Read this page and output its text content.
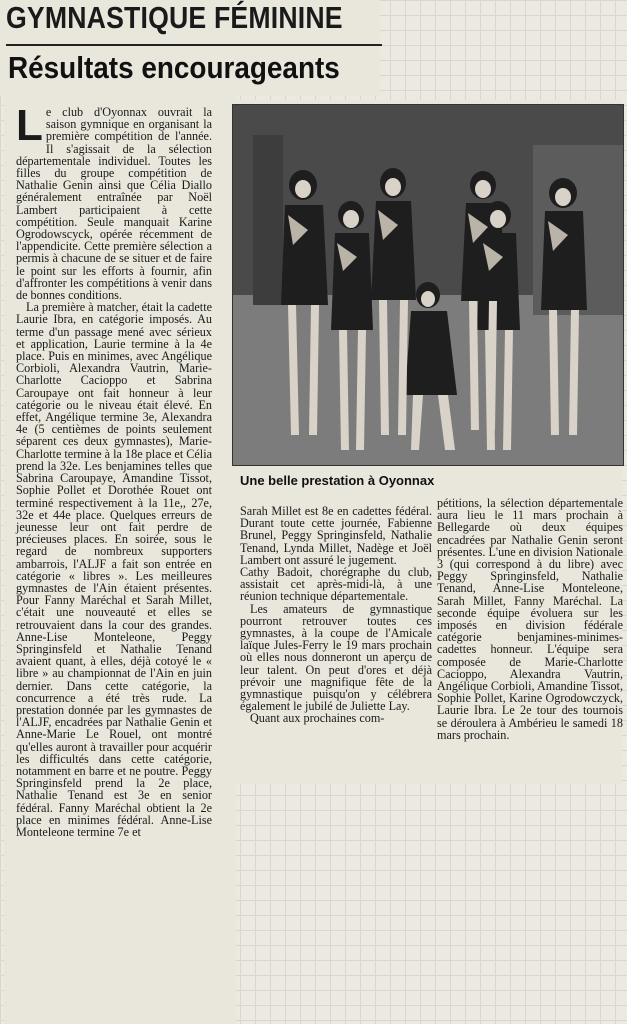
GYMNASTIQUE FÉMININE
Résultats encourageants
Une belle prestation à Oyonnax

Le club d'Oyonnax ouvrait la saison gymnique en organisant la première compétition de l'année. Il s'agissait de la sélection départementale individuel. Toutes les filles du groupe compétition de Nathalie Genin ainsi que Célia Diallo généralement entraînée par Noël Lambert participaient à cette compétition. Seule manquait Karine Ogrodowscyck, opérée récemment de l'appendicite. Cette première sélection a permis à chacune de se situer et de faire le point sur les efforts à fournir, afin d'affronter les compétitions à venir dans de bonnes conditions.

La première à matcher, était la cadette Laurie Ibra, en catégorie imposés. Au terme d'un passage mené avec sérieux et application, Laurie termine à la 4e place. Puis en minimes, avec Angélique Corbioli, Alexandra Vautrin, Marie-Charlotte Cacioppo et Sabrina Caroupaye ont fait honneur à leur catégorie ou le niveau était élevé. En effet, Angélique termine 3e, Alexandra 4e (5 centièmes de points seulement séparent ces deux gymnastes), Marie-Charlotte termine à la 18e place et Célia prend la 32e. Les benjamines telles que Sabrina Caroupaye, Amandine Tissot, Sophie Pollet et Dorothée Rouet ont terminé respectivement à la 11e,, 27e, 32e et 44e place. Quelques erreurs de jeunesse leur ont fait perdre de précieuses places. En soirée, sous le regard de nombreux supporters ambarrois, l'ALJF a fait son entrée en catégorie « libres ». Les meilleures gymnastes de l'Ain étaient présentes. Pour Fanny Maréchal et Sarah Millet, c'était une nouveauté et elles se retrouvaient dans la cour des grandes. Anne-Lise Monteleone, Peggy Springinsfeld et Nathalie Tenand avaient quant, à elles, déjà cotoyé le « libre » au championnat de l'Ain en juin dernier. Dans cette catégorie, la concurrence a été très rude. La prestation donnée par les gymnastes de l'ALJF, encadrées par Nathalie Genin et Anne-Marie Le Rouel, ont montré qu'elles auront à travailler pour acquérir les difficultés dans cette catégorie, notamment en barre et ne poutre. Peggy Springinsfeld prend la 2e place, Nathalie Tenand est 3e en senior fédéral. Fanny Maréchal obtient la 2e place en minimes fédéral. Anne-Lise Monteleone termine 7e et

Sarah Millet est 8e en cadettes fédéral. Durant toute cette journée, Fabienne Brunel, Peggy Springinsfeld, Nathalie Tenand, Lynda Millet, Nadège et Joël Lambert ont assuré le jugement.

Cathy Badoit, chorégraphe du club, assistait cet après-midi-là, à une réunion technique départementale.

Les amateurs de gymnastique pourront retrouver toutes ces gymnastes, à la coupe de l'Amicale laïque Jules-Ferry le 19 mars prochain où elles nous donneront un aperçu de leur talent. On peut d'ores et déjà prévoir une magnifique fête de la gymnastique puisqu'on y célébrera également le jubilé de Juliette Lay.

Quant aux prochaines com-

pétitions, la sélection départementale aura lieu le 11 mars prochain à Bellegarde où deux équipes encadrées par Nathalie Genin seront présentes. L'une en division Nationale 3 (qui correspond à du libre) avec Peggy Springinsfeld, Nathalie Tenand, Anne-Lise Monteleone, Sarah Millet, Fanny Maréchal. La seconde équipe évoluera sur les imposés en division fédérale catégorie benjamines-minimes-cadettes honneur. L'équipe sera composée de Marie-Charlotte Cacioppo, Alexandra Vautrin, Angélique Corbioli, Amandine Tissot, Sophie Pollet, Karine Ogrodowczyck, Laurie Ibra. Le 2e tour des tournois se déroulera à Ambérieu le samedi 18 mars prochain.
